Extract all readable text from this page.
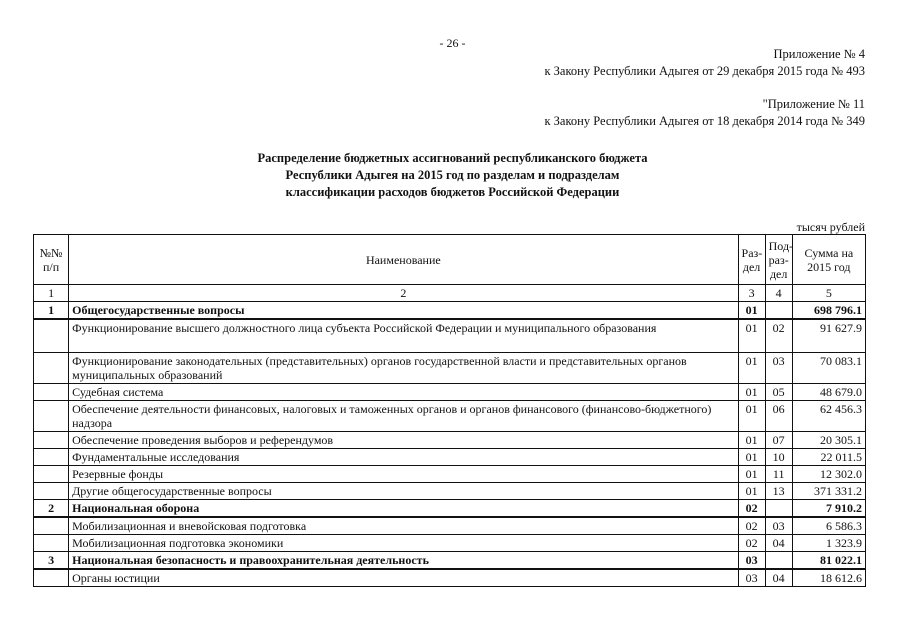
- 26 -
Приложение № 4
к Закону Республики Адыгея от 29 декабря 2015 года № 493
"Приложение № 11
к Закону Республики Адыгея от 18 декабря 2014 года № 349
Распределение бюджетных ассигнований республиканского бюджета
Республики Адыгея на 2015 год по разделам и подразделам
классификации расходов бюджетов Российской Федерации
тысяч рублей
№№ п/п	Наименование	Раз-дел	Под-раз-дел	Сумма на 2015 год
1	2	3	4	5
1	Общегосударственные вопросы	01		698 796.1
	Функционирование высшего должностного лица субъекта Российской Федерации и муниципального образования	01	02	91 627.9
	Функционирование законодательных (представительных) органов государственной власти и представительных органов муниципальных образований	01	03	70 083.1
	Судебная система	01	05	48 679.0
	Обеспечение деятельности финансовых, налоговых и таможенных органов и органов финансового (финансово-бюджетного) надзора	01	06	62 456.3
	Обеспечение проведения выборов и референдумов	01	07	20 305.1
	Фундаментальные исследования	01	10	22 011.5
	Резервные фонды	01	11	12 302.0
	Другие общегосударственные вопросы	01	13	371 331.2
2	Национальная оборона	02		7 910.2
	Мобилизационная и вневойсковая подготовка	02	03	6 586.3
	Мобилизационная подготовка экономики	02	04	1 323.9
3	Национальная безопасность и правоохранительная деятельность	03		81 022.1
	Органы юстиции	03	04	18 612.6
